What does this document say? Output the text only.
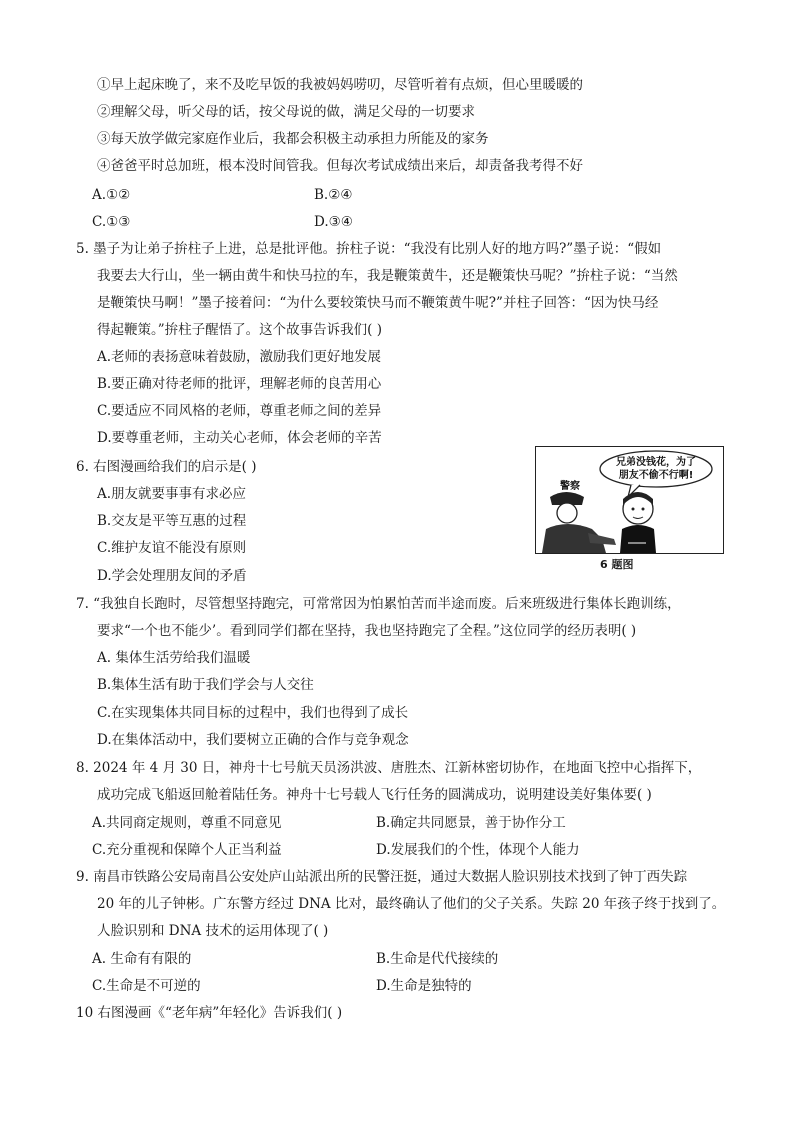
①早上起床晚了，来不及吃早饭的我被妈妈唠叨，尽管听着有点烦，但心里暖暖的
②理解父母，听父母的话，按父母说的做，满足父母的一切要求
③每天放学做完家庭作业后，我都会积极主动承担力所能及的家务
④爸爸平时总加班，根本没时间管我。但每次考试成绩出来后，却责备我考得不好
A.①②	B.②④
C.①③	D.③④
5. 墨子为让弟子拚柱子上进，总是批评他。拚柱子说：“我没有比别人好的地方吗?”墨子说：“假如
我要去大行山，坐一辆由黄牛和快马拉的车，我是鞭策黄牛，还是鞭策快马呢？”拚柱子说：“当然
是鞭策快马啊！”墨子接着问：“为什么要较策快马而不鞭策黄牛呢?”并柱子回答：“因为快马经
得起鞭策。”拚柱子醒悟了。这个故事告诉我们( )
A.老师的表扬意味着鼓励，激励我们更好地发展
B.要正确对待老师的批评，理解老师的良苦用心
C.要适应不同风格的老师，尊重老师之间的差异
D.要尊重老师，主动关心老师，体会老师的辛苦
6. 右图漫画给我们的启示是( )
A.朋友就要事事有求必应
B.交友是平等互惠的过程
C.维护友谊不能没有原则
D.学会处理朋友间的矛盾
兄弟没钱花，为了
朋友不偷不行啊!
警察
6 题图
7. “我独自长跑时，尽管想坚持跑完，可常常因为怕累怕苦而半途而废。后来班级进行集体长跑训练，
要求“一个也不能少’。看到同学们都在坚持，我也坚持跑完了全程。”这位同学的经历表明( )
A. 集体生活劳给我们温暖
B.集体生活有助于我们学会与人交往
C.在实现集体共同目标的过程中，我们也得到了成长
D.在集体活动中，我们要树立正确的合作与竞争观念
8. 2024 年 4 月 30 日，神舟十七号航天员汤洪波、唐胜杰、江新林密切协作，在地面飞控中心指挥下，
成功完成飞船返回舱着陆任务。神舟十七号载人飞行任务的圆满成功，说明建设美好集体要( )
A.共同商定规则，尊重不同意见	B.确定共同愿景，善于协作分工
C.充分重视和保障个人正当利益	D.发展我们的个性，体现个人能力
9. 南昌市铁路公安局南昌公安处庐山站派出所的民警汪挺，通过大数据人脸识别技术找到了钟丁西失踪
20 年的儿子钟彬。广东警方经过 DNA 比对，最终确认了他们的父子关系。失踪 20 年孩子终于找到了。
人脸识别和 DNA 技术的运用体现了( )
A. 生命有有限的	B.生命是代代接续的
C.生命是不可逆的	D.生命是独特的
10 右图漫画《“老年病”年轻化》告诉我们( )
